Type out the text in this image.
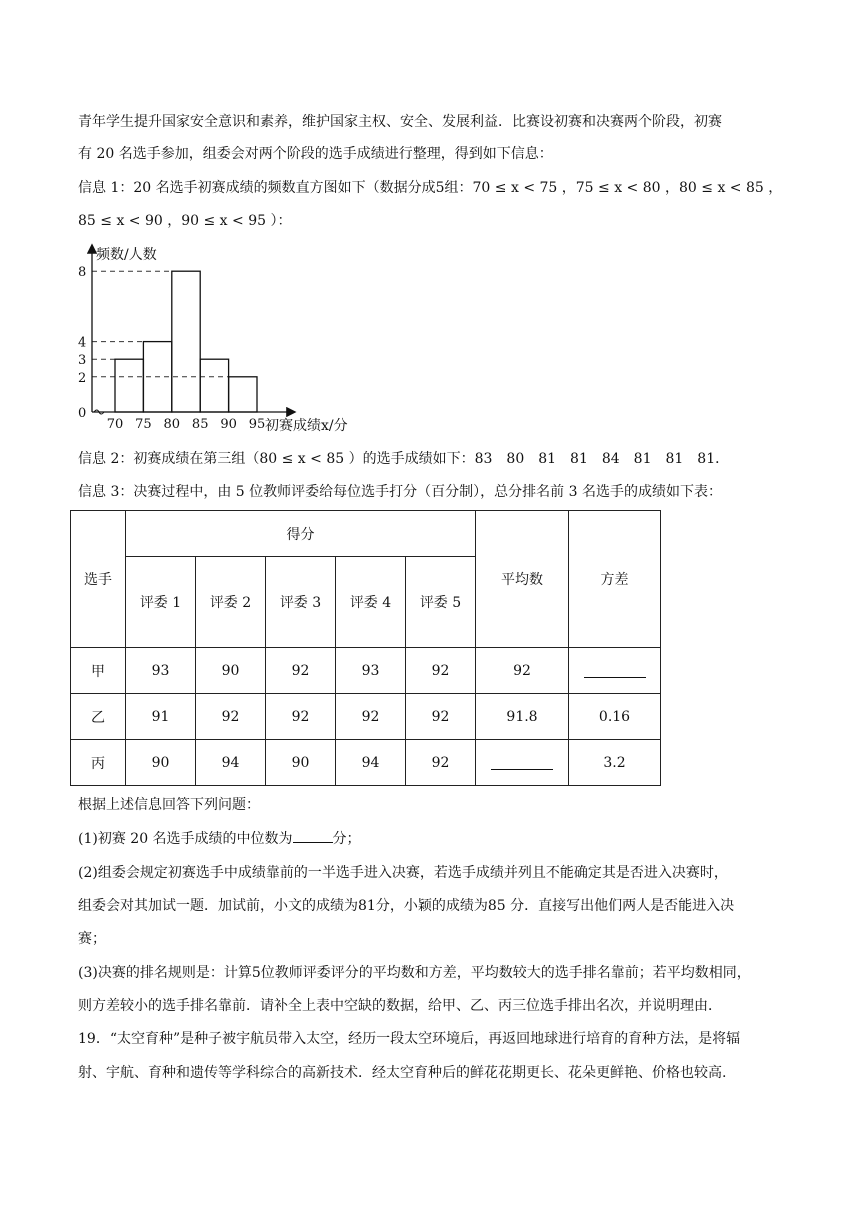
青年学生提升国家安全意识和素养，维护国家主权、安全、发展利益．比赛设初赛和决赛两个阶段，初赛
有 20 名选手参加，组委会对两个阶段的选手成绩进行整理，得到如下信息：
信息 1：20 名选手初赛成绩的频数直方图如下（数据分成5组：70 ≤ x < 75 ，75 ≤ x < 80 ，80 ≤ x < 85 ，
85 ≤ x < 90 ，90 ≤ x < 95 ）：
频数/人数
初赛成绩x/分
0
2
3
4
8
70 75 80 85 90 95
信息 2：初赛成绩在第三组（80 ≤ x < 85 ）的选手成绩如下：83　80　81　81　84　81　81　81．
信息 3：决赛过程中，由 5 位教师评委给每位选手打分（百分制），总分排名前 3 名选手的成绩如下表：
选手	得分					平均数	方差
	评委 1	评委 2	评委 3	评委 4	评委 5		
甲	93	90	92	93	92	92	
乙	91	92	92	92	92	91.8	0.16
丙	90	94	90	94	92		3.2
根据上述信息回答下列问题：
(1)初赛 20 名选手成绩的中位数为	分；
(2)组委会规定初赛选手中成绩靠前的一半选手进入决赛，若选手成绩并列且不能确定其是否进入决赛时，
组委会对其加试一题．加试前，小文的成绩为81分，小颖的成绩为85 分．直接写出他们两人是否能进入决
赛；
(3)决赛的排名规则是：计算5位教师评委评分的平均数和方差，平均数较大的选手排名靠前；若平均数相同，
则方差较小的选手排名靠前．请补全上表中空缺的数据，给甲、乙、丙三位选手排出名次，并说明理由．
19．“太空育种”是种子被宇航员带入太空，经历一段太空环境后，再返回地球进行培育的育种方法，是将辐
射、宇航、育种和遗传等学科综合的高新技术．经太空育种后的鲜花花期更长、花朵更鲜艳、价格也较高.
